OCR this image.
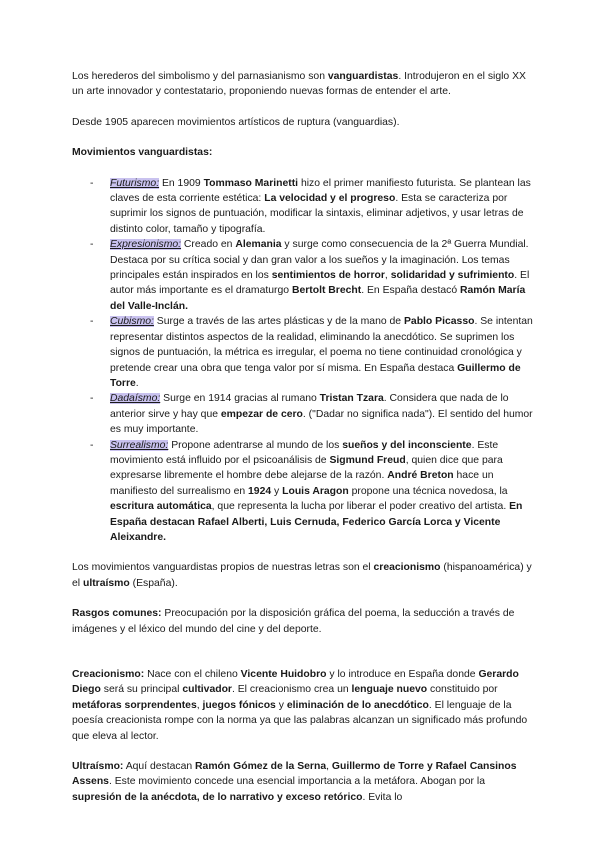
Los herederos del simbolismo y del parnasianismo son vanguardistas. Introdujeron en el siglo XX un arte innovador y contestatario, proponiendo nuevas formas de entender el arte.

Desde 1905 aparecen movimientos artísticos de ruptura (vanguardias).

Movimientos vanguardistas:

- Futurismo: En 1909 Tommaso Marinetti hizo el primer manifiesto futurista. Se plantean las claves de esta corriente estética: La velocidad y el progreso. Esta se caracteriza por suprimir los signos de puntuación, modificar la sintaxis, eliminar adjetivos, y usar letras de distinto color, tamaño y tipografía.
- Expresionismo: Creado en Alemania y surge como consecuencia de la 2ª Guerra Mundial. Destaca por su crítica social y dan gran valor a los sueños y la imaginación. Los temas principales están inspirados en los sentimientos de horror, solidaridad y sufrimiento. El autor más importante es el dramaturgo Bertolt Brecht. En España destacó Ramón María del Valle-Inclán.
- Cubismo: Surge a través de las artes plásticas y de la mano de Pablo Picasso. Se intentan representar distintos aspectos de la realidad, eliminando la anecdótico. Se suprimen los signos de puntuación, la métrica es irregular, el poema no tiene continuidad cronológica y pretende crear una obra que tenga valor por sí misma. En España destaca Guillermo de Torre.
- Dadaísmo: Surge en 1914 gracias al rumano Tristan Tzara. Considera que nada de lo anterior sirve y hay que empezar de cero. ("Dadar no significa nada"). El sentido del humor es muy importante.
- Surrealismo: Propone adentrarse al mundo de los sueños y del inconsciente. Este movimiento está influido por el psicoanálisis de Sigmund Freud, quien dice que para expresarse libremente el hombre debe alejarse de la razón. André Breton hace un manifiesto del surrealismo en 1924 y Louis Aragon propone una técnica novedosa, la escritura automática, que representa la lucha por liberar el poder creativo del artista. En España destacan Rafael Alberti, Luis Cernuda, Federico García Lorca y Vicente Aleixandre.

Los movimientos vanguardistas propios de nuestras letras son el creacionismo (hispanoamérica) y el ultraísmo (España).

Rasgos comunes: Preocupación por la disposición gráfica del poema, la seducción a través de imágenes y el léxico del mundo del cine y del deporte.

Creacionismo: Nace con el chileno Vicente Huidobro y lo introduce en España donde Gerardo Diego será su principal cultivador. El creacionismo crea un lenguaje nuevo constituido por metáforas sorprendentes, juegos fónicos y eliminación de lo anecdótico. El lenguaje de la poesía creacionista rompe con la norma ya que las palabras alcanzan un significado más profundo que eleva al lector.

Ultraísmo: Aquí destacan Ramón Gómez de la Serna, Guillermo de Torre y Rafael Cansinos Assens. Este movimiento concede una esencial importancia a la metáfora. Abogan por la supresión de la anécdota, de lo narrativo y exceso retórico. Evita lo
